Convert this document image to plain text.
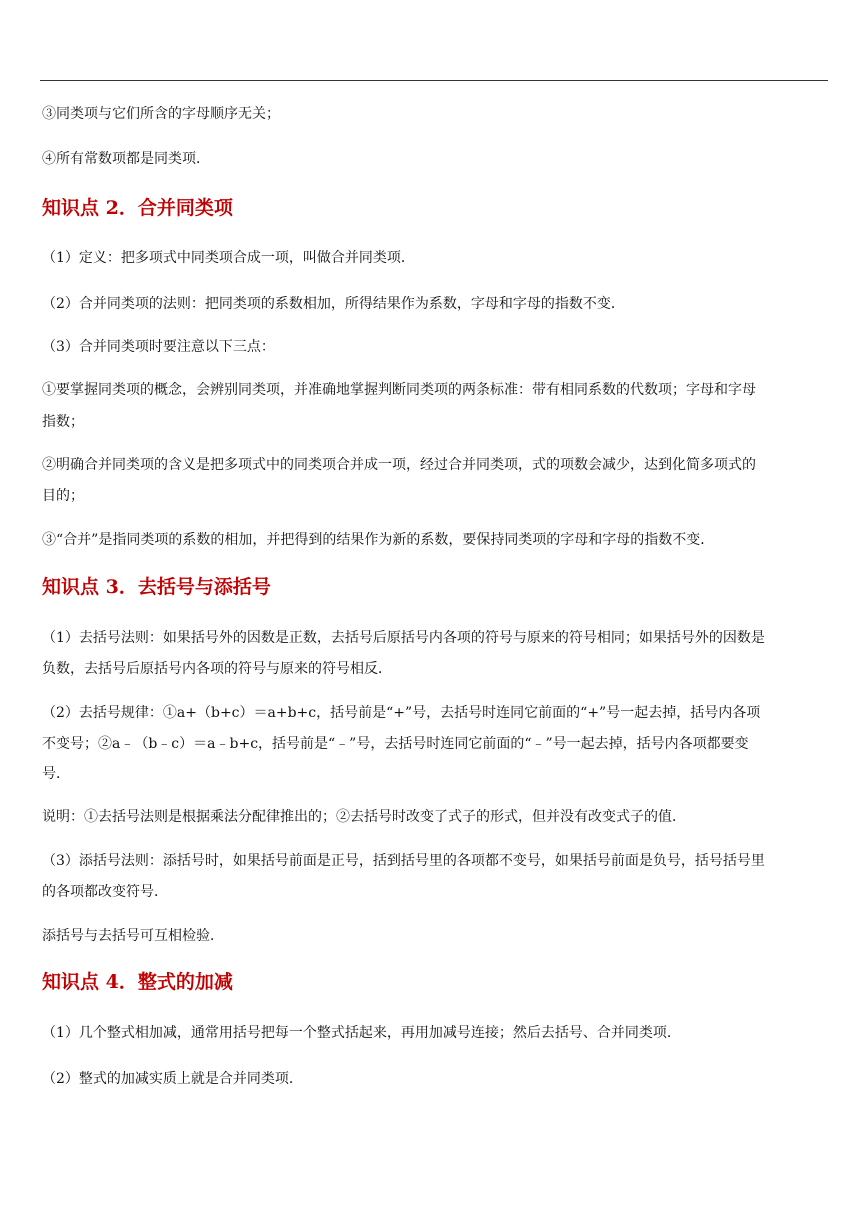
③同类项与它们所含的字母顺序无关；
④所有常数项都是同类项．
知识点 2．合并同类项
（1）定义：把多项式中同类项合成一项，叫做合并同类项．
（2）合并同类项的法则：把同类项的系数相加，所得结果作为系数，字母和字母的指数不变．
（3）合并同类项时要注意以下三点：
①要掌握同类项的概念，会辨别同类项，并准确地掌握判断同类项的两条标准：带有相同系数的代数项；字母和字母
指数；
②明确合并同类项的含义是把多项式中的同类项合并成一项，经过合并同类项，式的项数会减少，达到化简多项式的
目的；
③“合并”是指同类项的系数的相加，并把得到的结果作为新的系数，要保持同类项的字母和字母的指数不变．
知识点 3．去括号与添括号
（1）去括号法则：如果括号外的因数是正数，去括号后原括号内各项的符号与原来的符号相同；如果括号外的因数是
负数，去括号后原括号内各项的符号与原来的符号相反．
（2）去括号规律：①a+（b+c）＝a+b+c，括号前是“+”号，去括号时连同它前面的“+”号一起去掉，括号内各项
不变号；②a﹣（b﹣c）＝a﹣b+c，括号前是“﹣”号，去括号时连同它前面的“﹣”号一起去掉，括号内各项都要变
号．
说明：①去括号法则是根据乘法分配律推出的；②去括号时改变了式子的形式，但并没有改变式子的值．
（3）添括号法则：添括号时，如果括号前面是正号，括到括号里的各项都不变号，如果括号前面是负号，括号括号里
的各项都改变符号．
添括号与去括号可互相检验．
知识点 4．整式的加减
（1）几个整式相加减，通常用括号把每一个整式括起来，再用加减号连接；然后去括号、合并同类项．
（2）整式的加减实质上就是合并同类项．
